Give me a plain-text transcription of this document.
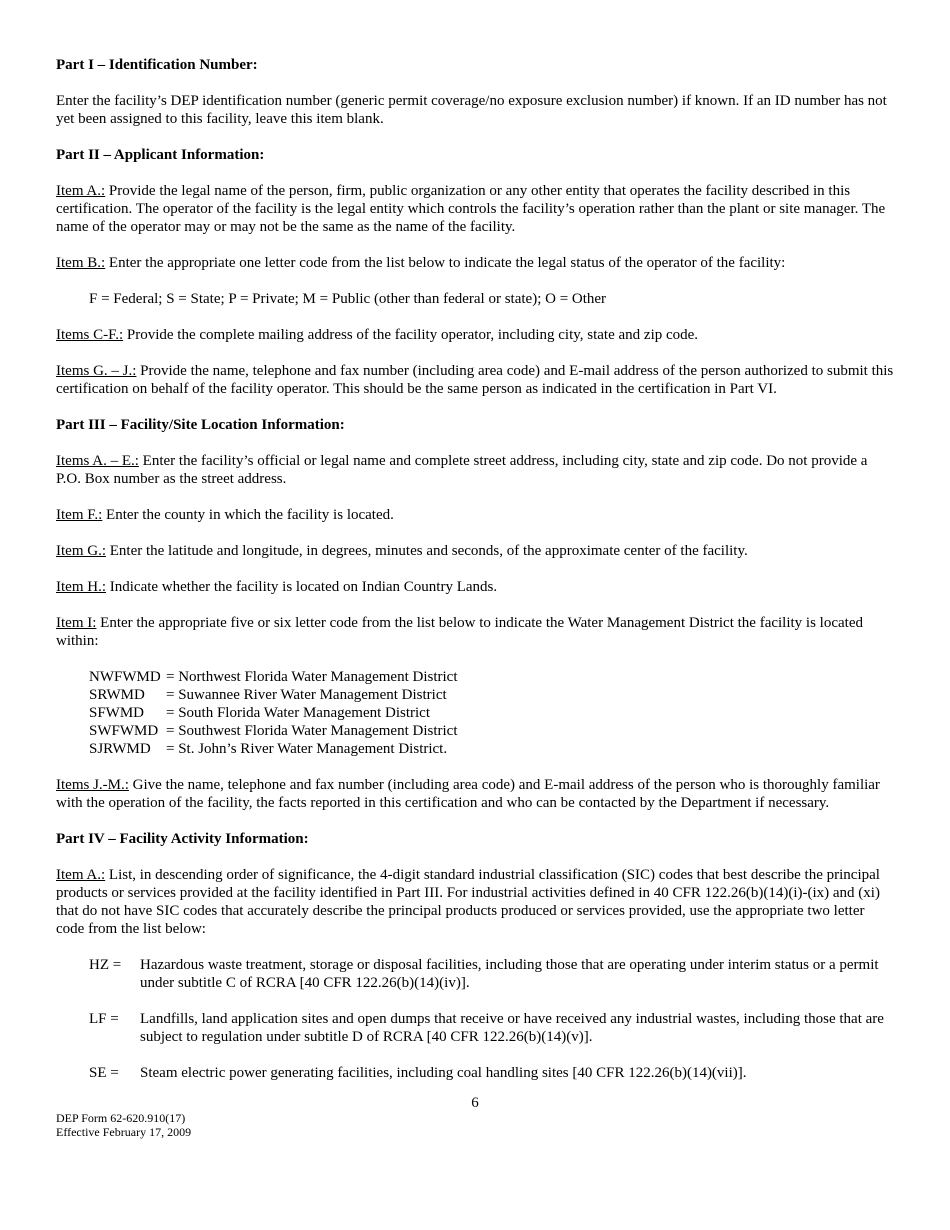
Part I – Identification Number:

Enter the facility’s DEP identification number (generic permit coverage/no exposure exclusion number) if known. If an ID number has not yet been assigned to this facility, leave this item blank.

Part II – Applicant Information:

Item A.: Provide the legal name of the person, firm, public organization or any other entity that operates the facility described in this certification. The operator of the facility is the legal entity which controls the facility’s operation rather than the plant or site manager. The name of the operator may or may not be the same as the name of the facility.

Item B.: Enter the appropriate one letter code from the list below to indicate the legal status of the operator of the facility:

F = Federal; S = State; P = Private; M = Public (other than federal or state); O = Other

Items C-F.: Provide the complete mailing address of the facility operator, including city, state and zip code.

Items G. – J.: Provide the name, telephone and fax number (including area code) and E-mail address of the person authorized to submit this certification on behalf of the facility operator. This should be the same person as indicated in the certification in Part VI.

Part III – Facility/Site Location Information:

Items A. – E.: Enter the facility’s official or legal name and complete street address, including city, state and zip code. Do not provide a P.O. Box number as the street address.

Item F.: Enter the county in which the facility is located.

Item G.: Enter the latitude and longitude, in degrees, minutes and seconds, of the approximate center of the facility.

Item H.: Indicate whether the facility is located on Indian Country Lands.

Item I: Enter the appropriate five or six letter code from the list below to indicate the Water Management District the facility is located within:

NWFWMD = Northwest Florida Water Management District
SRWMD	= Suwannee River Water Management District
SFWMD	= South Florida Water Management District
SWFWMD = Southwest Florida Water Management District
SJRWMD	= St. John’s River Water Management District.

Items J.-M.: Give the name, telephone and fax number (including area code) and E-mail address of the person who is thoroughly familiar with the operation of the facility, the facts reported in this certification and who can be contacted by the Department if necessary.

Part IV – Facility Activity Information:

Item A.: List, in descending order of significance, the 4-digit standard industrial classification (SIC) codes that best describe the principal products or services provided at the facility identified in Part III. For industrial activities defined in 40 CFR 122.26(b)(14)(i)-(ix) and (xi) that do not have SIC codes that accurately describe the principal products produced or services provided, use the appropriate two letter code from the list below:

HZ =	Hazardous waste treatment, storage or disposal facilities, including those that are operating under interim status or a permit under subtitle C of RCRA [40 CFR 122.26(b)(14)(iv)].
LF =	Landfills, land application sites and open dumps that receive or have received any industrial wastes, including those that are subject to regulation under subtitle D of RCRA [40 CFR 122.26(b)(14)(v)].
SE =	Steam electric power generating facilities, including coal handling sites [40 CFR 122.26(b)(14)(vii)].
6
DEP Form 62-620.910(17)
Effective February 17, 2009
